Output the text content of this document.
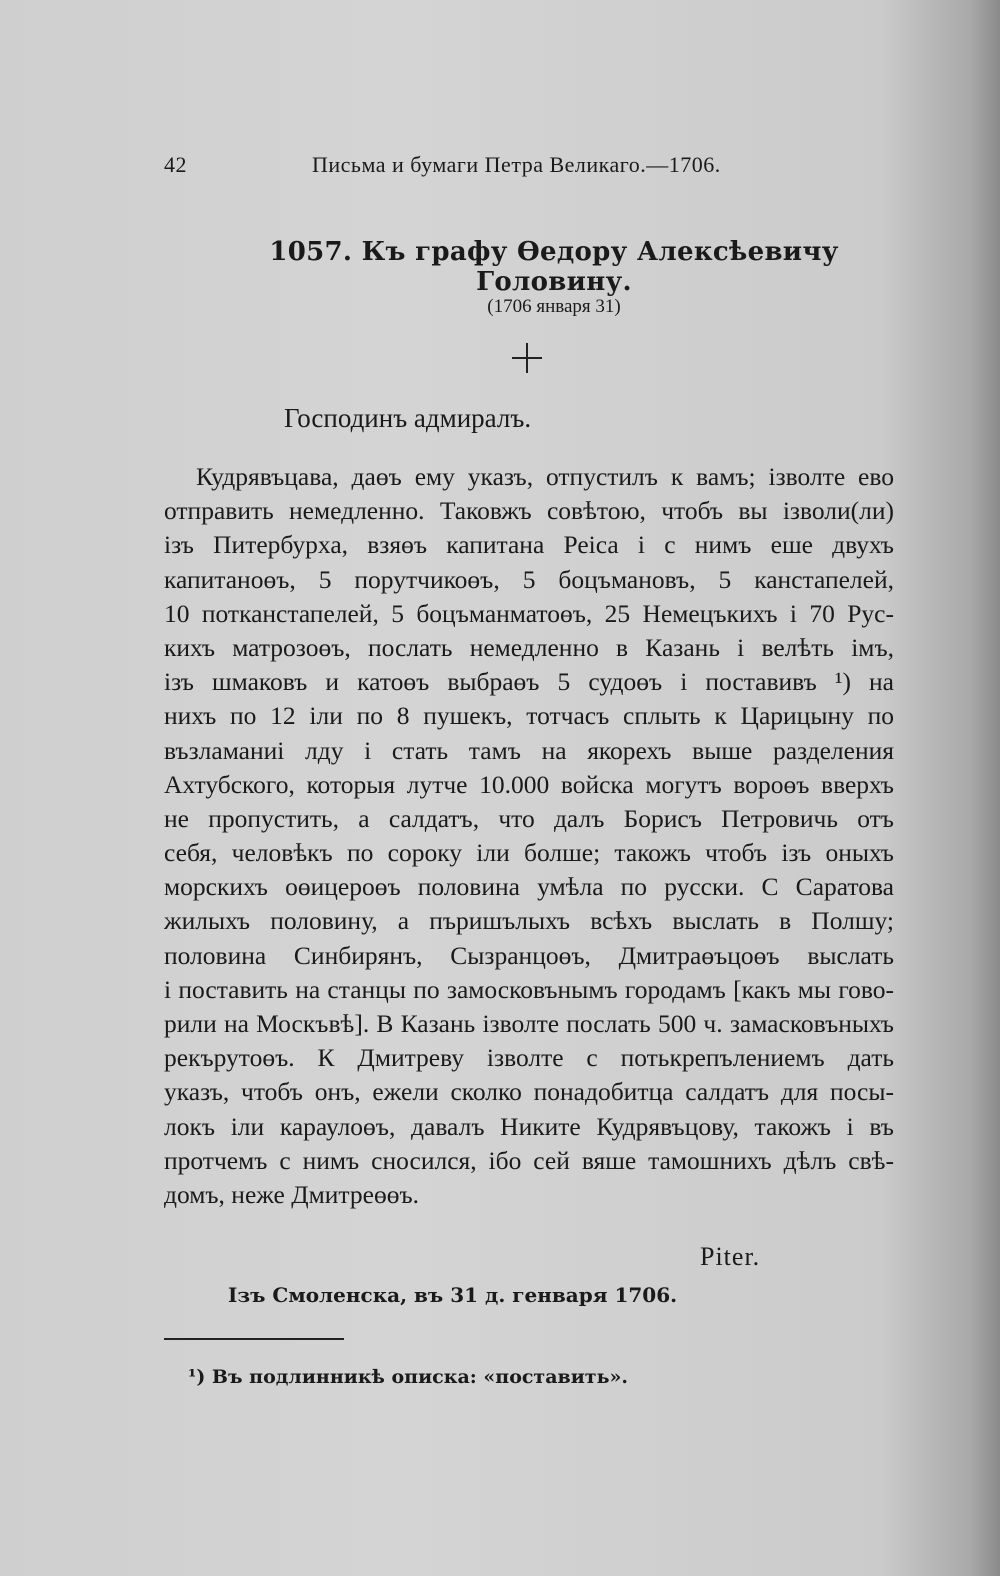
42	Письма и бумаги Петра Великаго.—1706.
1057. Къ графу Өедору Алексѣевичу Головину.
(1706 января 31)
Господинъ адмиралъ.
Кудрявъцава, даөъ ему указъ, отпустилъ к вамъ; ізволте ево
отправить немедленно. Таковжъ совѣтою, чтобъ вы ізволи(ли)
ізъ Питербурха, взяөъ капитана Реіса і с нимъ еше двухъ
капитаноөъ, 5 порутчикоөъ, 5 боцъмановъ, 5 канстапелей,
10 потканстапелей, 5 боцъманматоөъ, 25 Немецъкихъ і 70 Рус-
кихъ матрозоөъ, послать немедленно в Казань і велѣть імъ,
ізъ шмаковъ и катоөъ выбраөъ 5 судоөъ і поставивъ ¹) на
нихъ по 12 іли по 8 пушекъ, тотчасъ сплыть к Царицыну по
възламаниі лду і стать тамъ на якорехъ выше разделения
Ахтубского, которыя лутче 10.000 войска могутъ вороөъ вверхъ
не пропустить, а салдатъ, что далъ Борисъ Петровичь отъ
себя, человѣкъ по сороку іли болше; такожъ чтобъ ізъ оныхъ
морскихъ оөицероөъ половина умѣла по русски. С Саратова
жилыхъ половину, а пъришълыхъ всѣхъ выслать в Полшу;
половина Синбирянъ, Сызранцоөъ, Дмитраөъцоөъ выслать
і поставить на станцы по замосковънымъ городамъ [какъ мы гово-
рили на Москъвѣ]. В Казань ізволте послать 500 ч. замасковъныхъ
рекърутоөъ. К Дмитреву ізволте с потькрепълениемъ дать
указъ, чтобъ онъ, ежели сколко понадобитца салдатъ для посы-
локъ іли караулоөъ, давалъ Никите Кудрявъцову, такожъ і въ
протчемъ с нимъ сносился, ібо сей вяше тамошнихъ дѣлъ свѣ-
домъ, неже Дмитреөөъ.
Piter.
Ізъ Смоленска, въ 31 д. генваря 1706.
¹) Въ подлинникѣ описка: «поставить».
